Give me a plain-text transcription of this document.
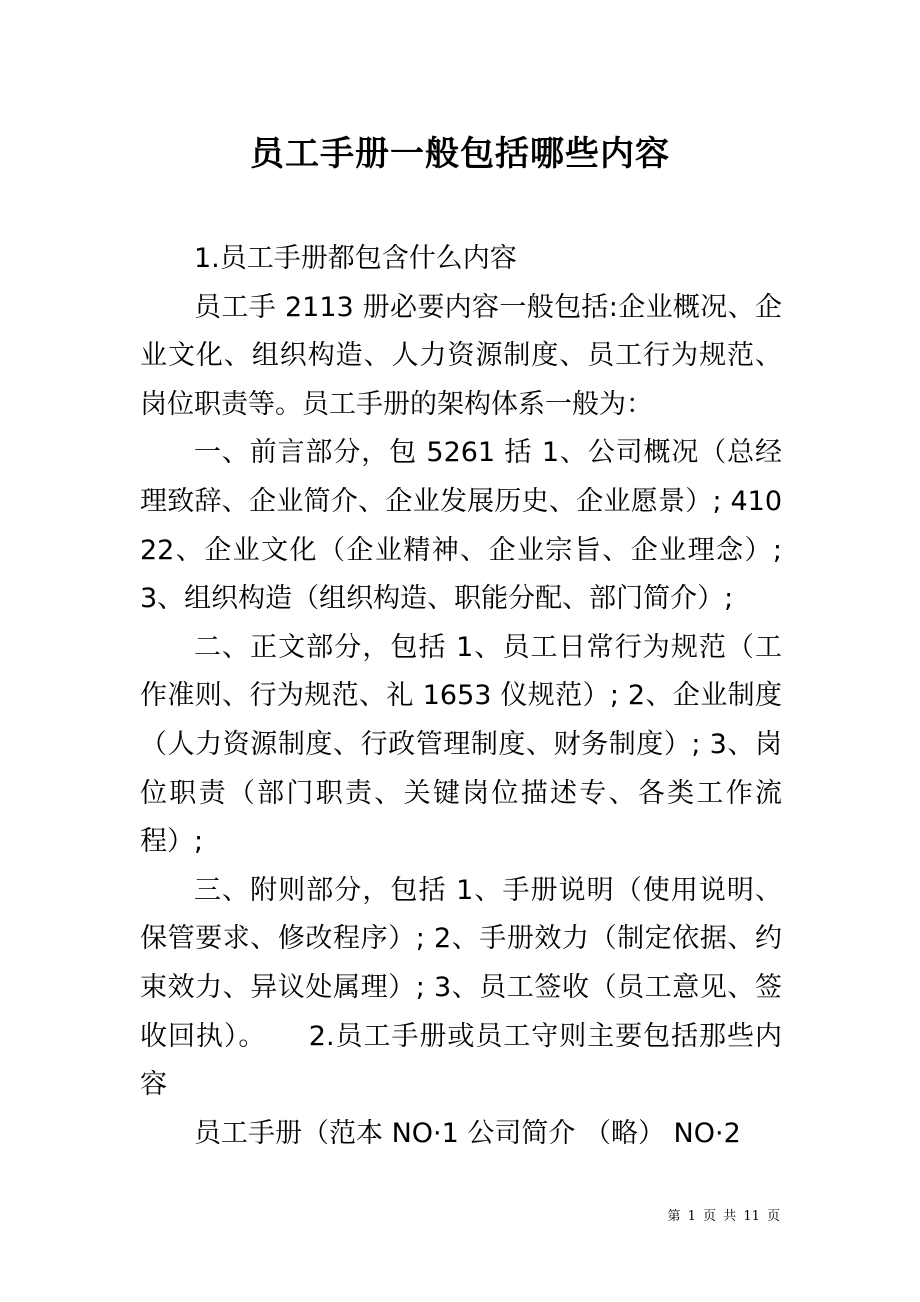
员工手册一般包括哪些内容

1.员工手册都包含什么内容

员工手 2113 册必要内容一般包括:企业概况、企业文化、组织构造、人力资源制度、员工行为规范、岗位职责等。员工手册的架构体系一般为：

一、前言部分，包 5261 括 1、公司概况（总经理致辞、企业简介、企业发展历史、企业愿景）; 41022、企业文化（企业精神、企业宗旨、企业理念）; 3、组织构造（组织构造、职能分配、部门简介）;

二、正文部分，包括 1、员工日常行为规范（工作准则、行为规范、礼 1653 仪规范）; 2、企业制度（人力资源制度、行政管理制度、财务制度）; 3、岗位职责（部门职责、关键岗位描述专、各类工作流程）;

三、附则部分，包括 1、手册说明（使用说明、保管要求、修改程序）; 2、手册效力（制定依据、约束效力、异议处属理）; 3、员工签收（员工意见、签收回执）。　　2.员工手册或员工守则主要包括那些内容

员工手册（范本 NO·1 公司简介 （略） NO·2

第 1 页 共 11 页
